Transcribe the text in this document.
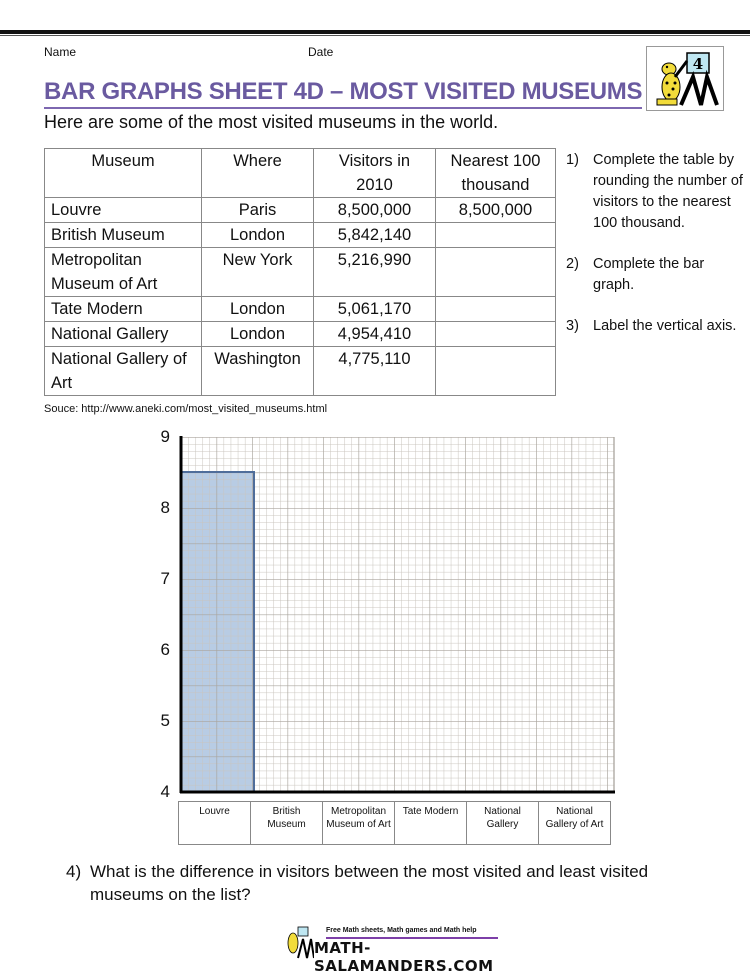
Name	Date
4
BAR GRAPHS SHEET 4D – MOST VISITED MUSEUMS
Here are some of the most visited museums in the world.
Museum	Where	Visitors in 2010	Nearest 100 thousand
Louvre	Paris	8,500,000	8,500,000
British Museum	London	5,842,140	
Metropolitan Museum of Art	New York	5,216,990	
Tate Modern	London	5,061,170	
National Gallery	London	4,954,410	
National Gallery of Art	Washington	4,775,110	
Souce: http://www.aneki.com/most_visited_museums.html
1) Complete the table by rounding the number of visitors to the nearest 100 thousand.
2) Complete the bar graph.
3) Label the vertical axis.
9
8
7
6
5
4
Louvre	British Museum	Metropolitan Museum of Art	Tate Modern	National Gallery	National Gallery of Art
4) What is the difference in visitors between the most visited and least visited museums on the list?
Free Math sheets, Math games and Math help
MATH-SALAMANDERS.COM
